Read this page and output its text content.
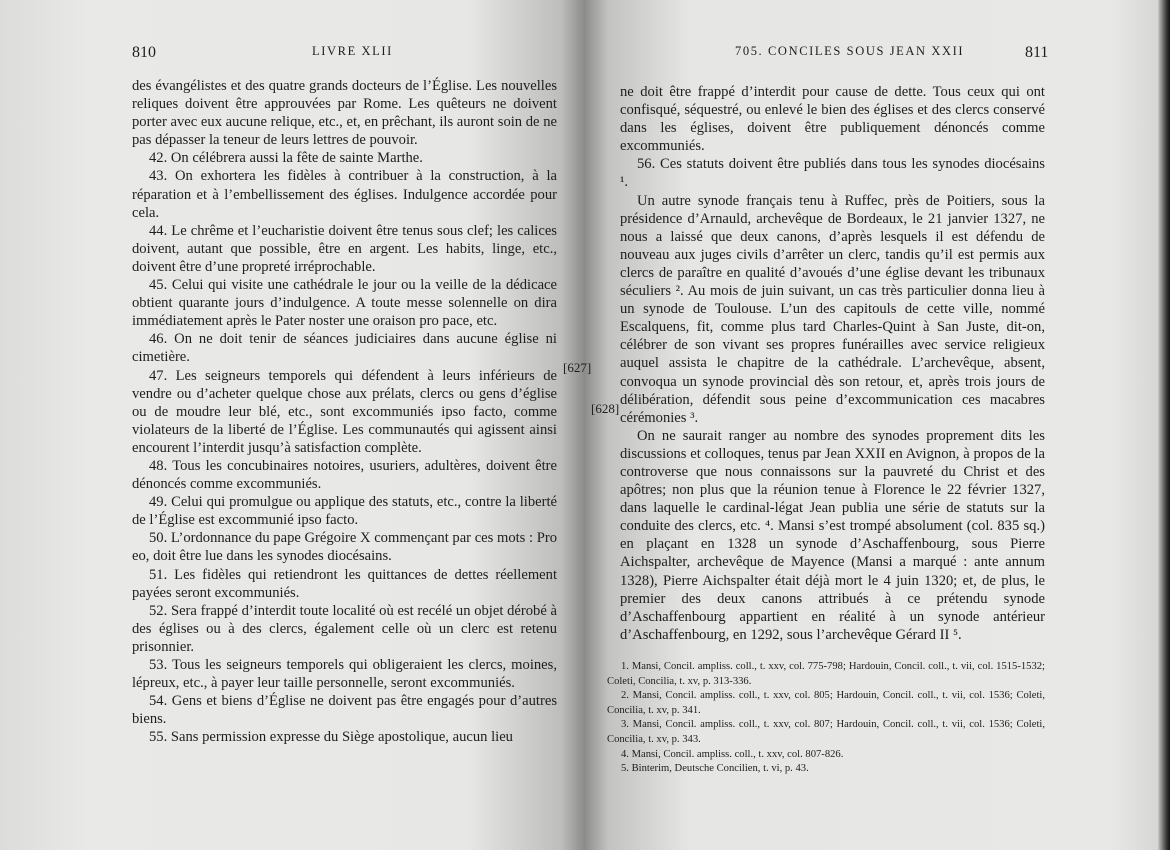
810	LIVRE XLII

des évangélistes et des quatre grands docteurs de l’Église. Les nouvelles reliques doivent être approuvées par Rome. Les quêteurs ne doivent porter avec eux aucune relique, etc., et, en prêchant, ils auront soin de ne pas dépasser la teneur de leurs lettres de pouvoir.

42. On célébrera aussi la fête de sainte Marthe.

43. On exhortera les fidèles à contribuer à la construction, à la réparation et à l’embellissement des églises. Indulgence accordée pour cela.

44. Le chrême et l’eucharistie doivent être tenus sous clef; les calices doivent, autant que possible, être en argent. Les habits, linge, etc., doivent être d’une propreté irréprochable.

45. Celui qui visite une cathédrale le jour ou la veille de la dédicace obtient quarante jours d’indulgence. A toute messe solennelle on dira immédiatement après le Pater noster une oraison pro pace, etc.

46. On ne doit tenir de séances judiciaires dans aucune église ni cimetière.

47. Les seigneurs temporels qui défendent à leurs inférieurs de vendre ou d’acheter quelque chose aux prélats, clercs ou gens d’église ou de moudre leur blé, etc., sont excommuniés ipso facto, comme violateurs de la liberté de l’Église. Les communautés qui agissent ainsi encourent l’interdit jusqu’à satisfaction complète.

48. Tous les concubinaires notoires, usuriers, adultères, doivent être dénoncés comme excommuniés.

49. Celui qui promulgue ou applique des statuts, etc., contre la liberté de l’Église est excommunié ipso facto.

50. L’ordonnance du pape Grégoire X commençant par ces mots : Pro eo, doit être lue dans les synodes diocésains.

51. Les fidèles qui retiendront les quittances de dettes réellement payées seront excommuniés.

52. Sera frappé d’interdit toute localité où est recélé un objet dérobé à des églises ou à des clercs, également celle où un clerc est retenu prisonnier.

53. Tous les seigneurs temporels qui obligeraient les clercs, moines, lépreux, etc., à payer leur taille personnelle, seront excommuniés.

54. Gens et biens d’Église ne doivent pas être engagés pour d’autres biens.

55. Sans permission expresse du Siège apostolique, aucun lieu

705. CONCILES SOUS JEAN XXII	811
[627]
[628]

ne doit être frappé d’interdit pour cause de dette. Tous ceux qui ont confisqué, séquestré, ou enlevé le bien des églises et des clercs conservé dans les églises, doivent être publiquement dénoncés comme excommuniés.

56. Ces statuts doivent être publiés dans tous les synodes diocésains ¹.

Un autre synode français tenu à Ruffec, près de Poitiers, sous la présidence d’Arnauld, archevêque de Bordeaux, le 21 janvier 1327, ne nous a laissé que deux canons, d’après lesquels il est défendu de nouveau aux juges civils d’arrêter un clerc, tandis qu’il est permis aux clercs de paraître en qualité d’avoués d’une église devant les tribunaux séculiers ². Au mois de juin suivant, un cas très particulier donna lieu à un synode de Toulouse. L’un des capitouls de cette ville, nommé Escalquens, fit, comme plus tard Charles-Quint à San Juste, dit-on, célébrer de son vivant ses propres funérailles avec service religieux auquel assista le chapitre de la cathédrale. L’archevêque, absent, convoqua un synode provincial dès son retour, et, après trois jours de délibération, défendit sous peine d’excommunication ces macabres cérémonies ³.

On ne saurait ranger au nombre des synodes proprement dits les discussions et colloques, tenus par Jean XXII en Avignon, à propos de la controverse que nous connaissons sur la pauvreté du Christ et des apôtres; non plus que la réunion tenue à Florence le 22 février 1327, dans laquelle le cardinal-légat Jean publia une série de statuts sur la conduite des clercs, etc. ⁴. Mansi s’est trompé absolument (col. 835 sq.) en plaçant en 1328 un synode d’Aschaffenbourg, sous Pierre Aichspalter, archevêque de Mayence (Mansi a marqué : ante annum 1328), Pierre Aichspalter était déjà mort le 4 juin 1320; et, de plus, le premier des deux canons attribués à ce prétendu synode d’Aschaffenbourg appartient en réalité à un synode antérieur d’Aschaffenbourg, en 1292, sous l’archevêque Gérard II ⁵.

1. Mansi, Concil. ampliss. coll., t. xxv, col. 775-798; Hardouin, Concil. coll., t. vii, col. 1515-1532; Coleti, Concilia, t. xv, p. 313-336.

2. Mansi, Concil. ampliss. coll., t. xxv, col. 805; Hardouin, Concil. coll., t. vii, col. 1536; Coleti, Concilia, t. xv, p. 341.

3. Mansi, Concil. ampliss. coll., t. xxv, col. 807; Hardouin, Concil. coll., t. vii, col. 1536; Coleti, Concilia, t. xv, p. 343.

4. Mansi, Concil. ampliss. coll., t. xxv, col. 807-826.

5. Binterim, Deutsche Concilien, t. vi, p. 43.
